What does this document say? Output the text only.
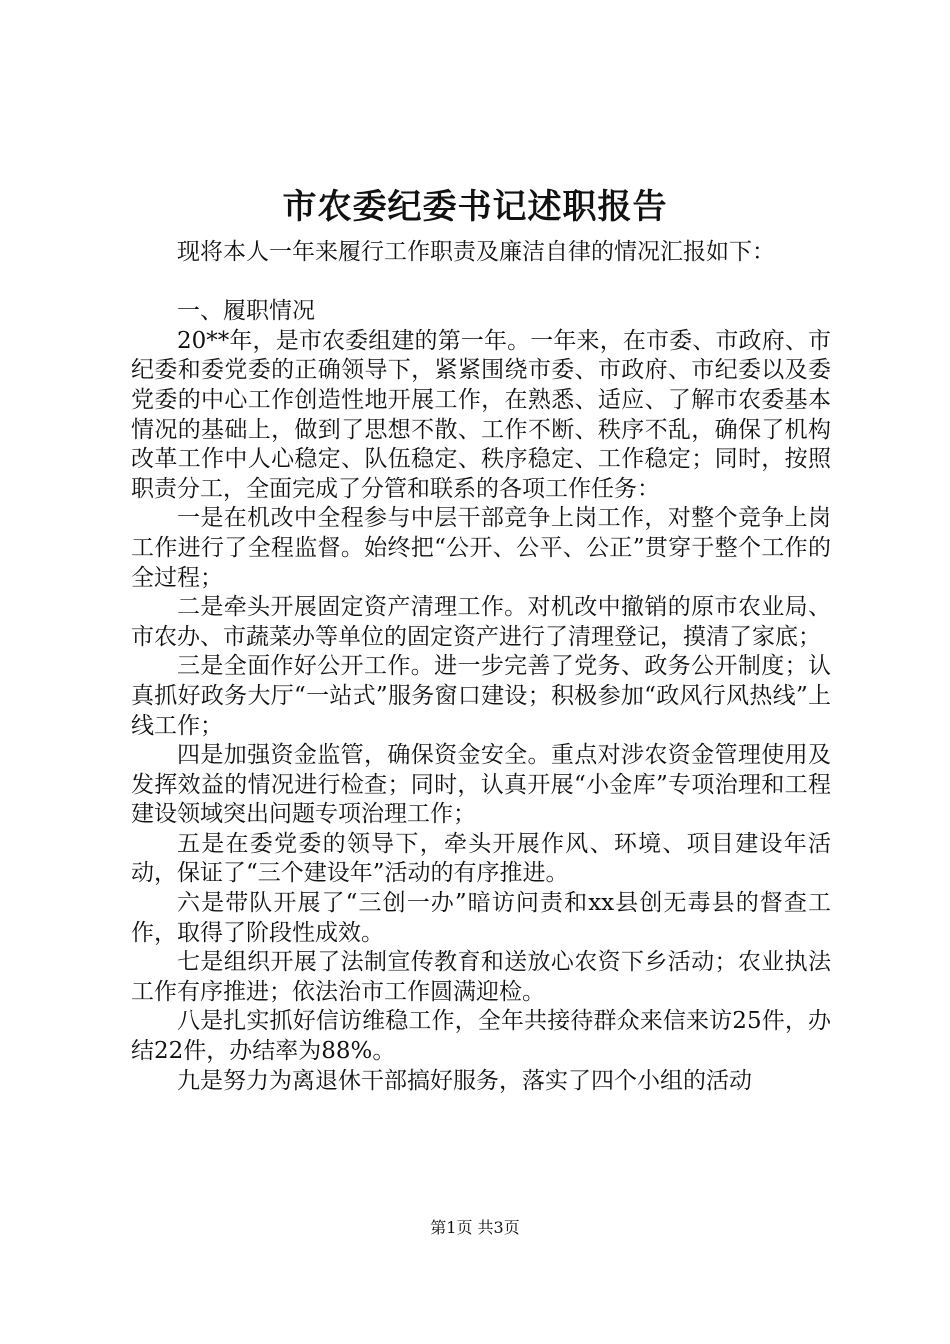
市农委纪委书记述职报告

现将本人一年来履行工作职责及廉洁自律的情况汇报如下：

一、履职情况

20**年，是市农委组建的第一年。一年来，在市委、市政府、市纪委和委党委的正确领导下，紧紧围绕市委、市政府、市纪委以及委党委的中心工作创造性地开展工作，在熟悉、适应、了解市农委基本情况的基础上，做到了思想不散、工作不断、秩序不乱，确保了机构改革工作中人心稳定、队伍稳定、秩序稳定、工作稳定；同时，按照职责分工，全面完成了分管和联系的各项工作任务：

一是在机改中全程参与中层干部竞争上岗工作，对整个竞争上岗工作进行了全程监督。始终把“公开、公平、公正”贯穿于整个工作的全过程；

二是牵头开展固定资产清理工作。对机改中撤销的原市农业局、市农办、市蔬菜办等单位的固定资产进行了清理登记，摸清了家底；

三是全面作好公开工作。进一步完善了党务、政务公开制度；认真抓好政务大厅“一站式”服务窗口建设；积极参加“政风行风热线”上线工作；

四是加强资金监管，确保资金安全。重点对涉农资金管理使用及发挥效益的情况进行检查；同时，认真开展“小金库”专项治理和工程建设领域突出问题专项治理工作；

五是在委党委的领导下，牵头开展作风、环境、项目建设年活动，保证了“三个建设年”活动的有序推进。

六是带队开展了“三创一办”暗访问责和xx县创无毒县的督查工作，取得了阶段性成效。

七是组织开展了法制宣传教育和送放心农资下乡活动；农业执法工作有序推进；依法治市工作圆满迎检。

八是扎实抓好信访维稳工作，全年共接待群众来信来访25件，办结22件，办结率为88%。

九是努力为离退休干部搞好服务，落实了四个小组的活动

第1页 共3页
